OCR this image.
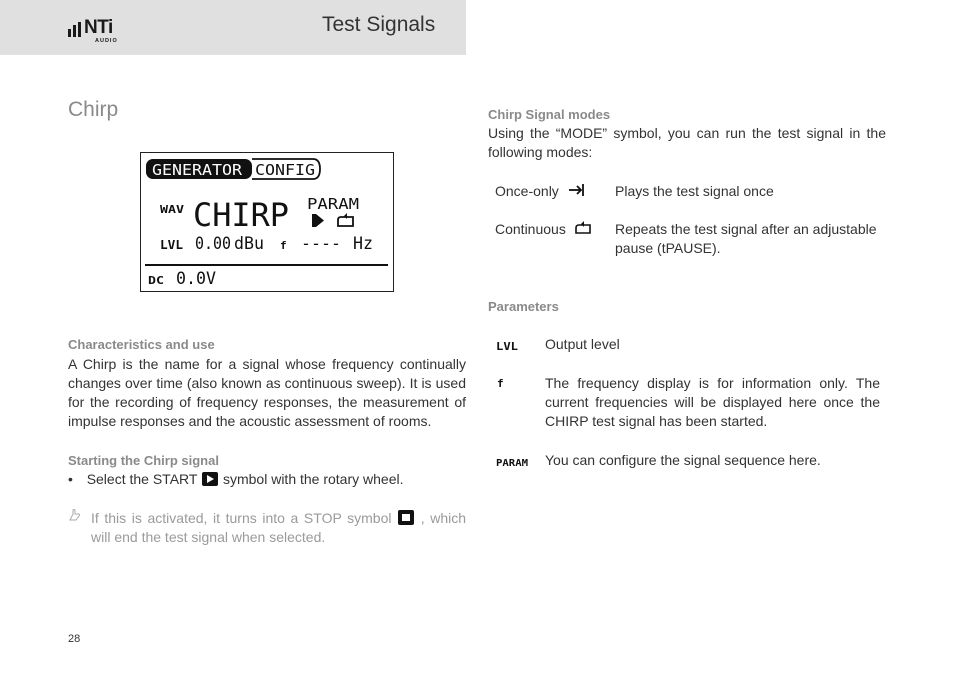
NTi
AUDIO
Test Signals
Chirp
GENERATOR CONFIG
WAV CHIRP PARAM
LVL 0.00 dBu f ---- Hz
DC 0.0V
Characteristics and use
A Chirp is the name for a signal whose frequency continually changes over time (also known as continuous sweep). It is used for the recording of frequency responses, the measurement of impulse responses and the acoustic assessment of rooms.
Starting the Chirp signal
• Select the START symbol with the rotary wheel.
If this is activated, it turns into a STOP symbol , which will end the test signal when selected.
28
Chirp Signal modes
Using the “MODE” symbol, you can run the test signal in the following modes:
Once-only	Plays the test signal once
Continuous	Repeats the test signal after an adjustable pause (tPAUSE).
Parameters
LVL Output level
f	The frequency display is for information only. The current frequencies will be displayed here once the CHIRP test signal has been started.
PARAM You can configure the signal sequence here.
